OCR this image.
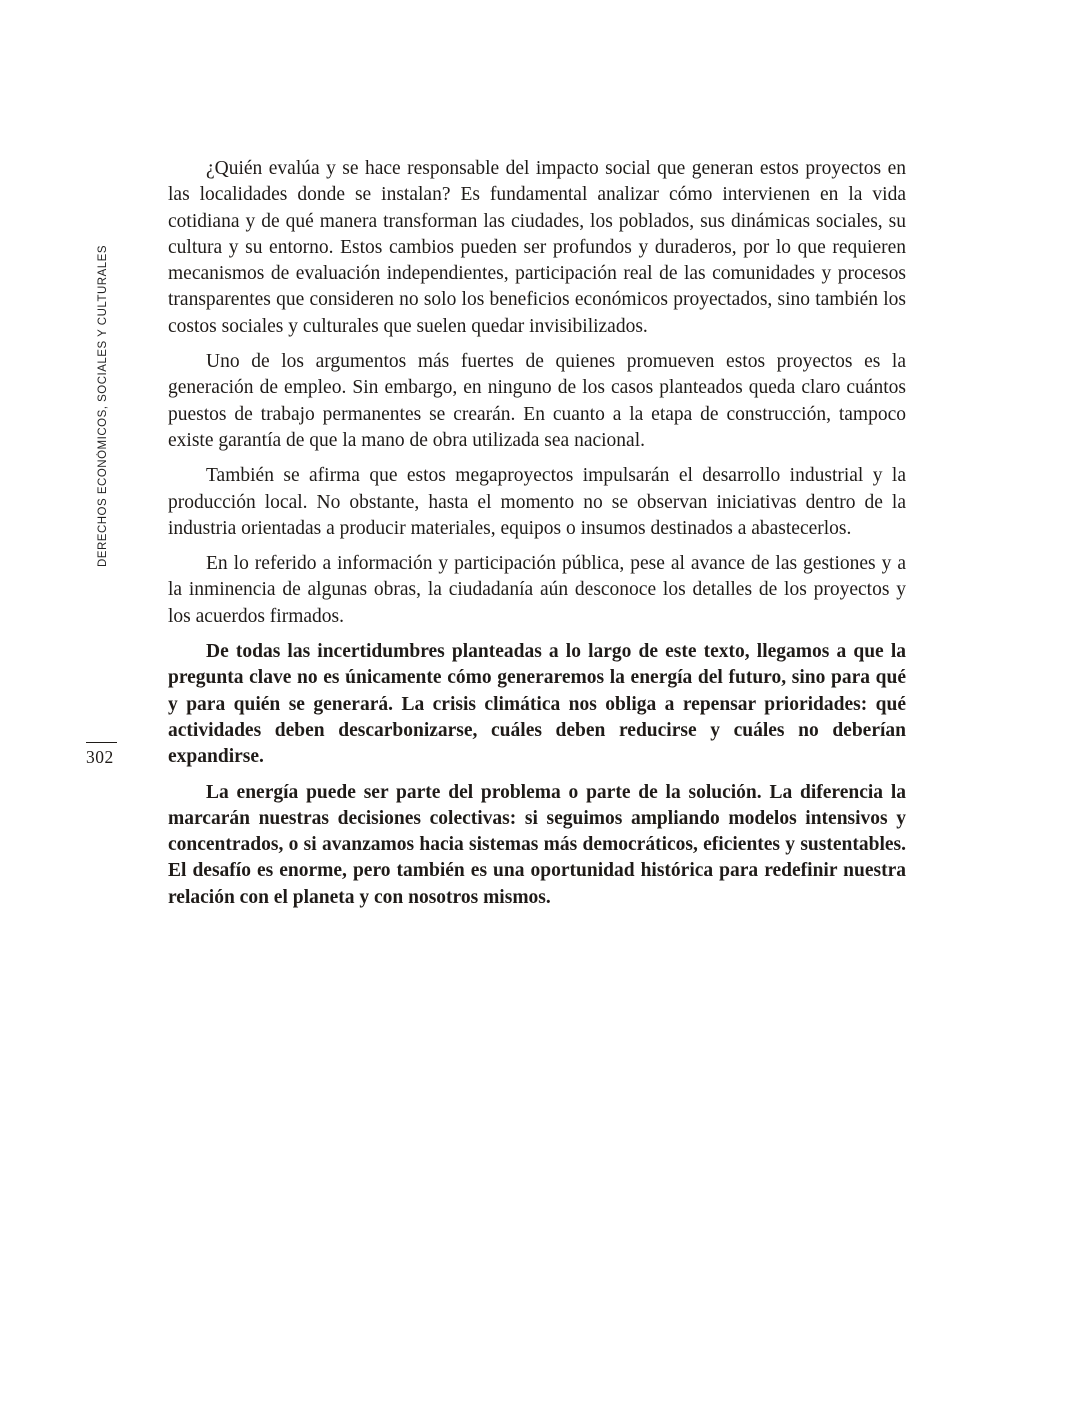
DERECHOS ECONÓMICOS, SOCIALES Y CULTURALES
302

¿Quién evalúa y se hace responsable del impacto social que generan estos proyectos en las localidades donde se instalan? Es fundamental analizar cómo intervienen en la vida cotidiana y de qué manera transforman las ciudades, los poblados, sus dinámicas sociales, su cultura y su entorno. Estos cambios pueden ser profundos y duraderos, por lo que requieren mecanismos de evaluación independientes, participación real de las comunidades y procesos transparentes que consideren no solo los beneficios económicos proyectados, sino también los costos sociales y culturales que suelen quedar invisibilizados.

Uno de los argumentos más fuertes de quienes promueven estos proyectos es la generación de empleo. Sin embargo, en ninguno de los casos planteados queda claro cuántos puestos de trabajo permanentes se crearán. En cuanto a la etapa de construcción, tampoco existe garantía de que la mano de obra utilizada sea nacional.

También se afirma que estos megaproyectos impulsarán el desarrollo industrial y la producción local. No obstante, hasta el momento no se observan iniciativas dentro de la industria orientadas a producir materiales, equipos o insumos destinados a abastecerlos.

En lo referido a información y participación pública, pese al avance de las gestiones y a la inminencia de algunas obras, la ciudadanía aún desconoce los detalles de los proyectos y los acuerdos firmados.

De todas las incertidumbres planteadas a lo largo de este texto, llegamos a que la pregunta clave no es únicamente cómo generaremos la energía del futuro, sino para qué y para quién se generará. La crisis climática nos obliga a repensar prioridades: qué actividades deben descarbonizarse, cuáles deben reducirse y cuáles no deberían expandirse.

La energía puede ser parte del problema o parte de la solución. La diferencia la marcarán nuestras decisiones colectivas: si seguimos ampliando modelos intensivos y concentrados, o si avanzamos hacia sistemas más democráticos, eficientes y sustentables. El desafío es enorme, pero también es una oportunidad histórica para redefinir nuestra relación con el planeta y con nosotros mismos.
